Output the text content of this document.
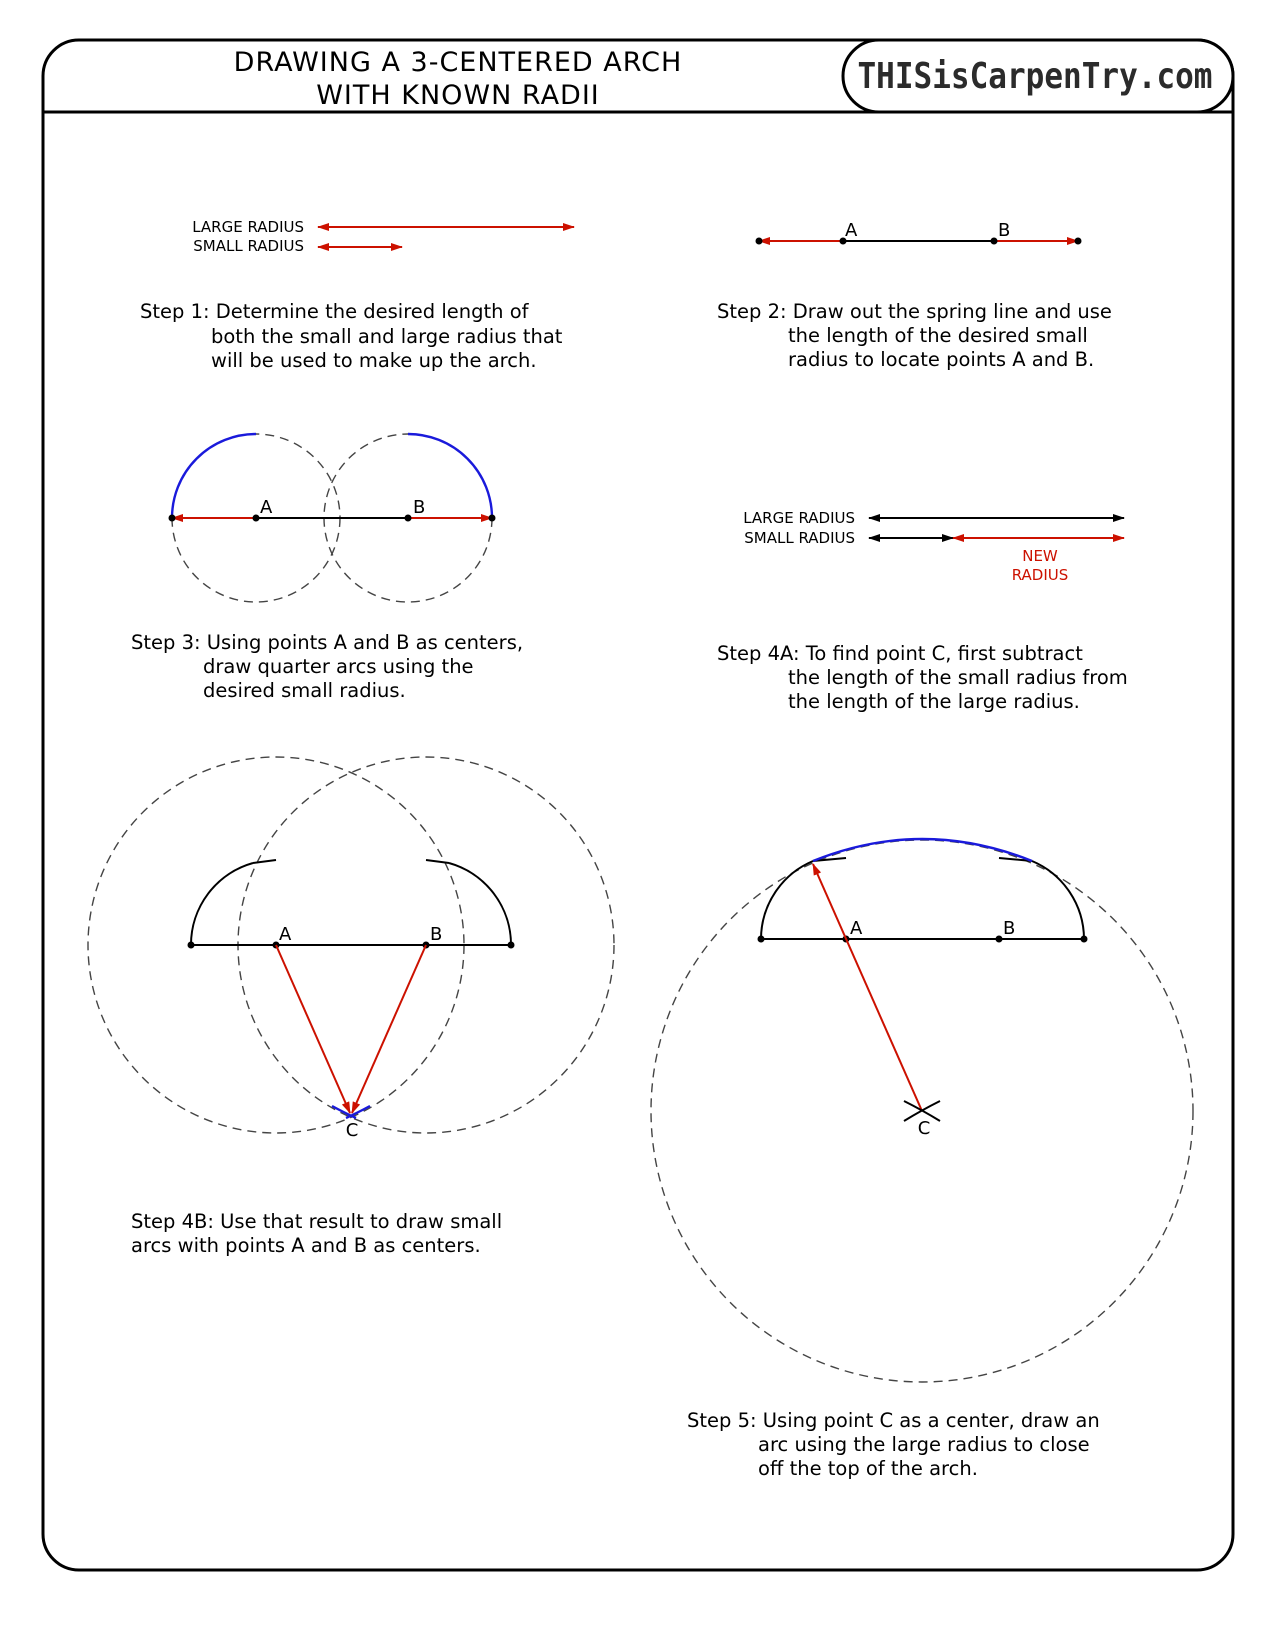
DRAWING A 3-CENTERED ARCH
WITH KNOWN RADII	THISisCarpenTry.com
LARGE RADIUS
SMALL RADIUS
A	B
A	B	LARGE RADIUS
SMALL RADIUS
NEW
RADIUS
A	B
C
A	B
C
Step 1: Determine the desired length of
both the small and large radius that
will be used to make up the arch.
Step 2: Draw out the spring line and use
the length of the desired small
radius to locate points A and B.
Step 3: Using points A and B as centers,
draw quarter arcs using the
desired small radius.
Step 4A: To find point C, first subtract
the length of the small radius from
the length of the large radius.
Step 4B: Use that result to draw small
arcs with points A and B as centers.
Step 5: Using point C as a center, draw an
arc using the large radius to close
off the top of the arch.
